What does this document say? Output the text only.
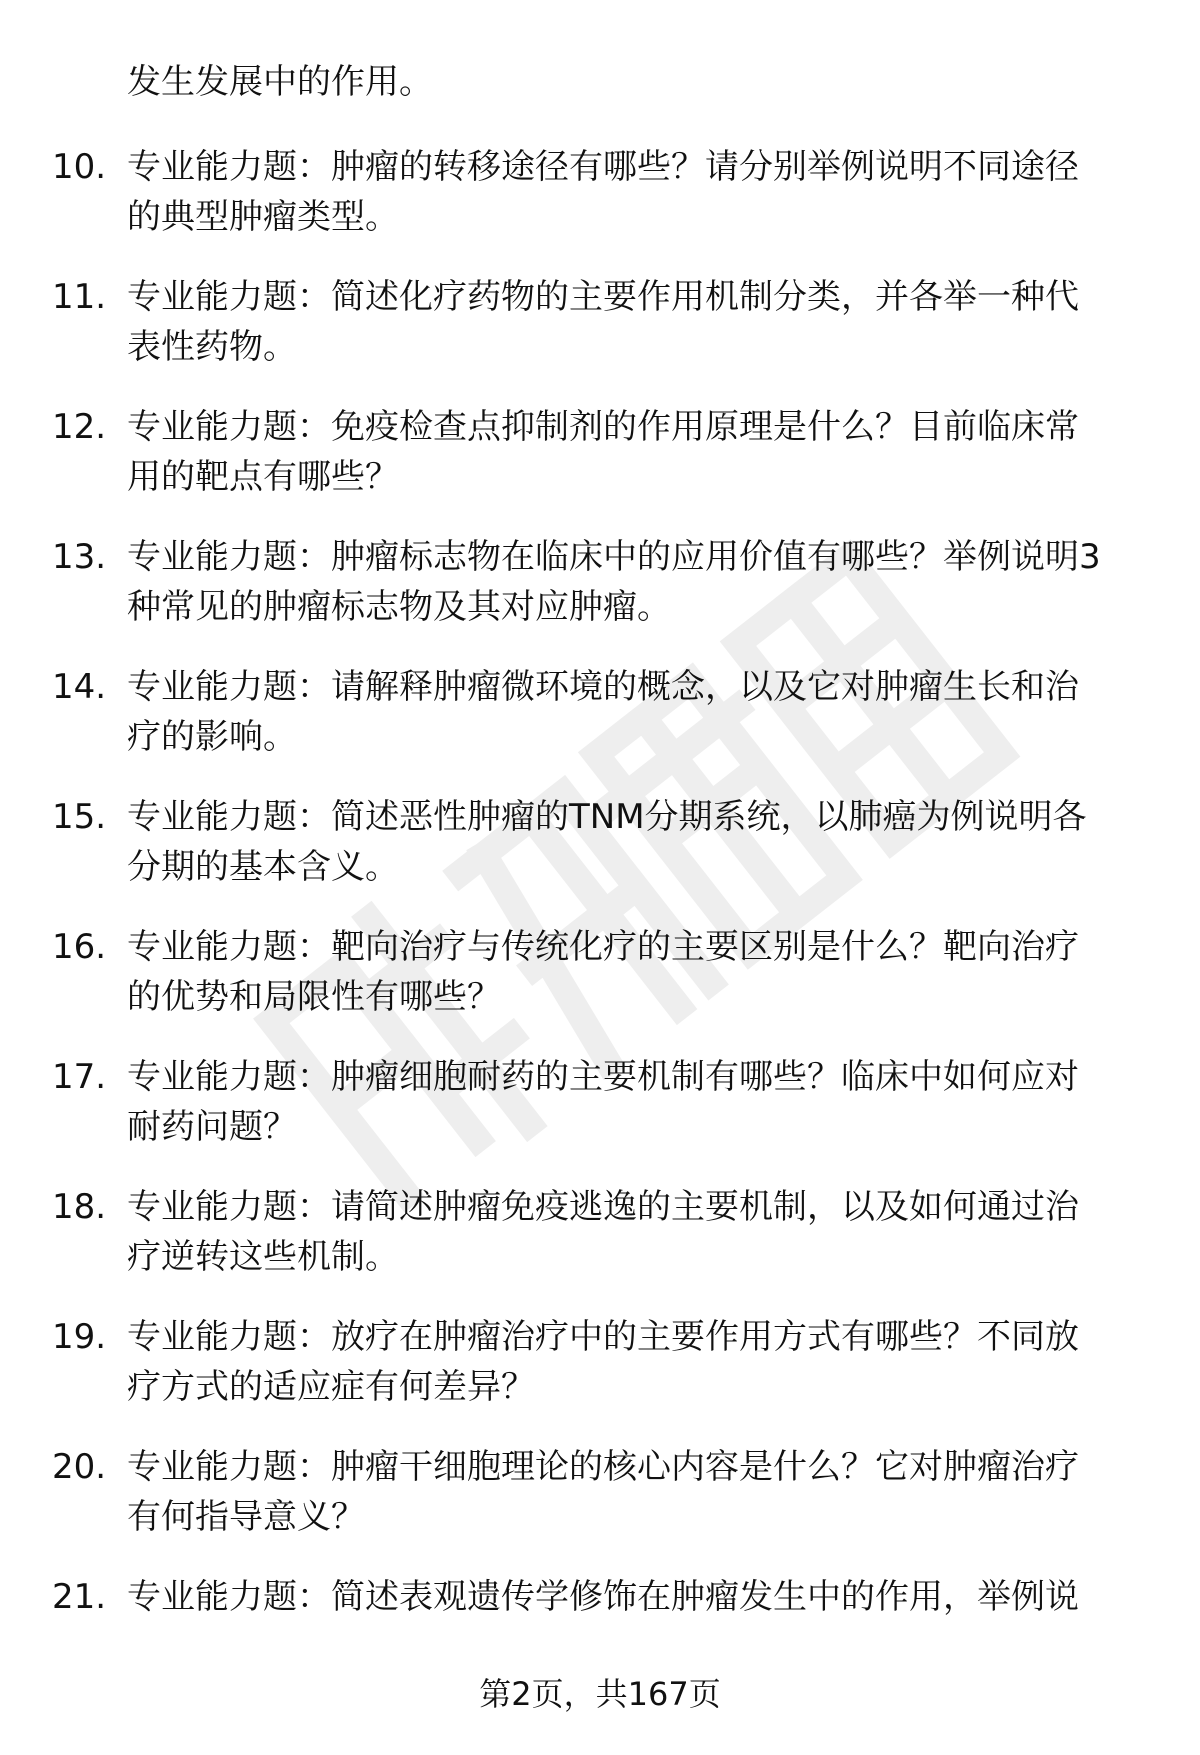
发生发展中的作用。
10. 专业能力题：肿瘤的转移途径有哪些？请分别举例说明不同途径
的典型肿瘤类型。
11. 专业能力题：简述化疗药物的主要作用机制分类，并各举一种代
表性药物。
12. 专业能力题：免疫检查点抑制剂的作用原理是什么？目前临床常
用的靶点有哪些？
13. 专业能力题：肿瘤标志物在临床中的应用价值有哪些？举例说明3
种常见的肿瘤标志物及其对应肿瘤。
14. 专业能力题：请解释肿瘤微环境的概念，以及它对肿瘤生长和治
疗的影响。
15. 专业能力题：简述恶性肿瘤的TNM分期系统，以肺癌为例说明各
分期的基本含义。
16. 专业能力题：靶向治疗与传统化疗的主要区别是什么？靶向治疗
的优势和局限性有哪些？
17. 专业能力题：肿瘤细胞耐药的主要机制有哪些？临床中如何应对
耐药问题？
18. 专业能力题：请简述肿瘤免疫逃逸的主要机制，以及如何通过治
疗逆转这些机制。
19. 专业能力题：放疗在肿瘤治疗中的主要作用方式有哪些？不同放
疗方式的适应症有何差异？
20. 专业能力题：肿瘤干细胞理论的核心内容是什么？它对肿瘤治疗
有何指导意义？
21. 专业能力题：简述表观遗传学修饰在肿瘤发生中的作用，举例说
第2页，共167页
